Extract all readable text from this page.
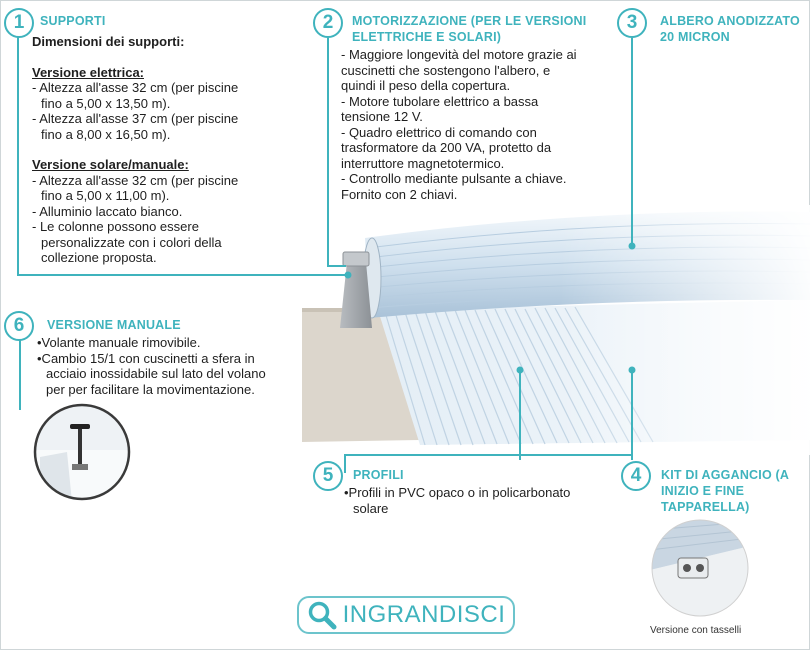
1	SUPPORTI

Dimensioni dei supporti:

Versione elettrica:

- Altezza all'asse 32 cm (per piscine

fino a 5,00 x 13,50 m).

- Altezza all'asse 37 cm (per piscine

fino a 8,00 x 16,50 m).

Versione solare/manuale:

- Altezza all'asse 32 cm (per piscine

fino a 5,00 x 11,00 m).

- Alluminio laccato bianco.

- Le colonne possono essere

personalizzate con i colori della

collezione proposta.

2	MOTORIZZAZIONE (PER LE VERSIONI
ELETTRICHE E SOLARI)

- Maggiore longevità del motore grazie ai

cuscinetti che sostengono l'albero, e

quindi il peso della copertura.

- Motore tubolare elettrico a bassa

tensione 12 V.

- Quadro elettrico di comando con

trasformatore da 200 VA, protetto da

interruttore magnetotermico.

- Controllo mediante pulsante a chiave.

Fornito con 2 chiavi.

3	ALBERO ANODIZZATO
20 MICRON
6	VERSIONE MANUALE

•Volante manuale rimovibile.

•Cambio 15/1 con cuscinetti a sfera in

acciaio inossidabile sul lato del volano

per per facilitare la movimentazione.

5	PROFILI

•Profili in PVC opaco o in policarbonato

solare

4	KIT DI AGGANCIO (A
INIZIO E FINE
TAPPARELLA)
Versione con tasselli
INGRANDISCI
